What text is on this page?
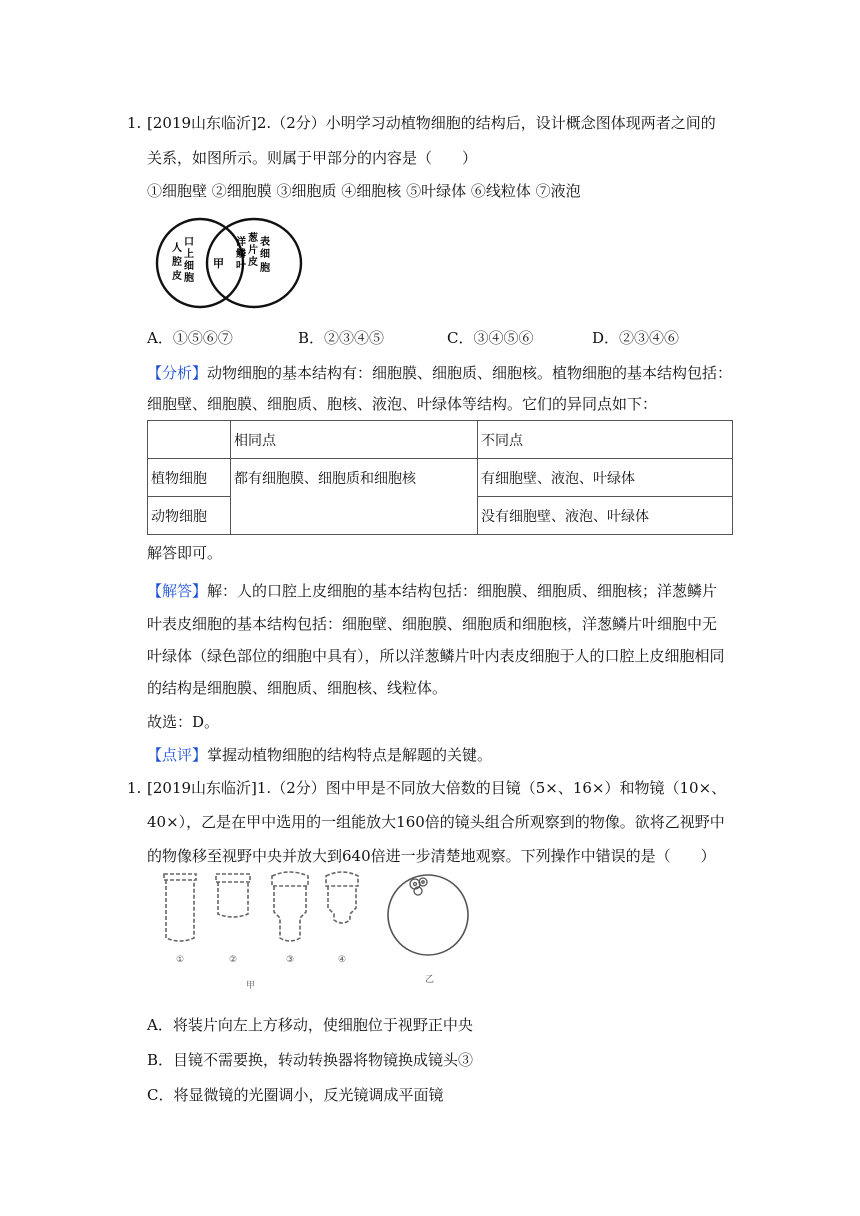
1. [2019山东临沂]2.（2分）小明学习动植物细胞的结构后，设计概念图体现两者之间的
关系，如图所示。则属于甲部分的内容是（　　）
①细胞壁 ②细胞膜 ③细胞质 ④细胞核 ⑤叶绿体 ⑥线粒体 ⑦液泡
人
口
腔
上
皮
细
胞
甲
洋 葱
鳞 片
叶
表
皮
细
胞
A．①⑤⑥⑦	B．②③④⑤	C．③④⑤⑥	D．②③④⑥
【分析】动物细胞的基本结构有：细胞膜、细胞质、细胞核。植物细胞的基本结构包括：
细胞壁、细胞膜、细胞质、胞核、液泡、叶绿体等结构。它们的异同点如下：
	相同点	不同点
植物细胞	都有细胞膜、细胞质和细胞核	有细胞壁、液泡、叶绿体
动物细胞		没有细胞壁、液泡、叶绿体
解答即可。
【解答】解：人的口腔上皮细胞的基本结构包括：细胞膜、细胞质、细胞核；洋葱鳞片
叶表皮细胞的基本结构包括：细胞壁、细胞膜、细胞质和细胞核，洋葱鳞片叶细胞中无
叶绿体（绿色部位的细胞中具有），所以洋葱鳞片叶内表皮细胞于人的口腔上皮细胞相同
的结构是细胞膜、细胞质、细胞核、线粒体。
故选：D。
【点评】掌握动植物细胞的结构特点是解题的关键。
1. [2019山东临沂]1.（2分）图中甲是不同放大倍数的目镜（5×、16×）和物镜（10×、
40×），乙是在甲中选用的一组能放大160倍的镜头组合所观察到的物像。欲将乙视野中
的物像移至视野中央并放大到640倍进一步清楚地观察。下列操作中错误的是（　　）
①	②	③	④
甲
乙
A．将装片向左上方移动，使细胞位于视野正中央
B．目镜不需要换，转动转换器将物镜换成镜头③
C．将显微镜的光圈调小，反光镜调成平面镜
